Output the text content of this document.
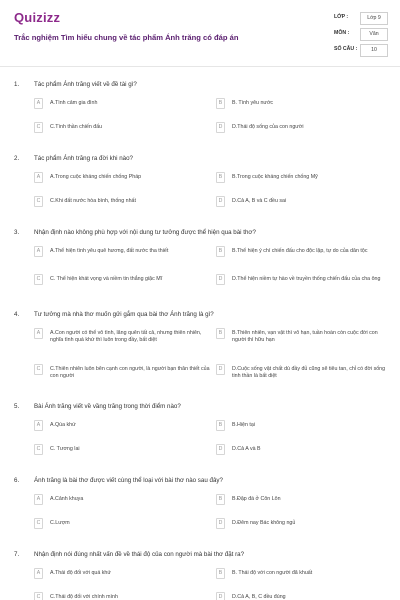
Quizizz
Trắc nghiệm Tìm hiểu chung về tác phẩm Ánh trăng có đáp án
LỚP :	Lớp 9
MÔN :	Văn
SỐ CÂU :	10
1. Tác phẩm Ánh trăng viết về đề tài gì?
A	A.Tình cảm gia đình	B	B. Tình yêu nước
C	C.Tình thần chiến đấu	D	D.Thái độ sống của con người
2. Tác phẩm Ánh trăng ra đời khi nào?
A	A.Trong cuộc kháng chiến chống Pháp	B	B.Trong cuộc kháng chiến chống Mỹ
C	C.Khi đất nước hòa bình, thống nhất	D	D.Cả A, B và C đều sai
3. Nhận định nào không phù hợp với nội dung tư tưởng được thể hiện qua bài thơ?
A	A.Thể hiện tình yêu quê hương, đất nước tha thiết	B	B.Thể hiện ý chí chiến đấu cho độc lập, tự do của dân tộc
C	C. Thể hiện khát vọng và niềm tin thắng giặc Mĩ	D	D.Thể hiện niềm tự hào về truyền thống chiến đấu của cha ông
4. Tư tưởng mà nhà thơ muốn gửi gắm qua bài thơ Ánh trăng là gì?
A	A.Con người có thể vô tình, lãng quên tất cả, nhưng thiên nhiên, nghĩa tình quá khứ thì luôn trong đầy, bất diệt
B	B.Thiên nhiên, vạn vật thì vô hạn, tuần hoàn còn cuộc đời con người thì hữu hạn
C	C.Thiên nhiên luôn bên cạnh con người, là người bạn thân thiết của con người
D	D.Cuộc sống vật chất dù đầy đủ cũng sẽ tiêu tan, chỉ có đời sống tinh thần là bất diệt
5. Bài Ánh trăng viết về vầng trăng trong thời điểm nào?
A	A.Qúa khứ	B	B.Hiện tại
C	C. Tương lai	D	D.Cả A và B
6. Ánh trăng là bài thơ được viết cùng thể loại với bài thơ nào sau đây?
A	A.Cảnh khuya	B	B.Đập đá ở Côn Lôn
C	C.Lượm	D	D.Đêm nay Bác không ngủ
7. Nhận định nói đúng nhất vấn đề về thái độ của con người mà bài thơ đặt ra?
A	A.Thái độ đối với quá khứ	B	B. Thái độ với con người đã khuất
C	C.Thái độ đối với chính mình	D	D.Cả A, B, C đều đúng
